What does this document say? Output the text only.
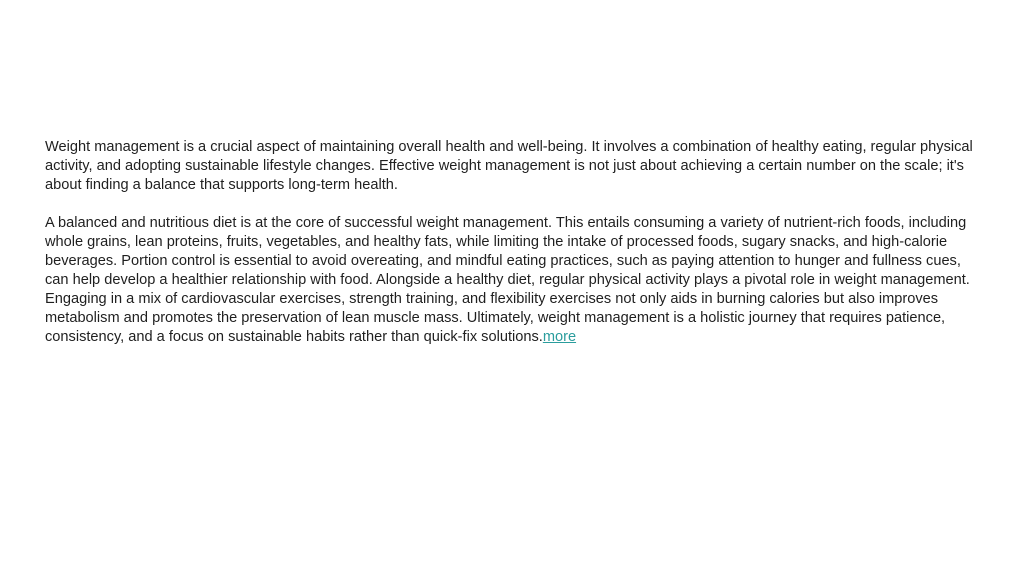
Weight management is a crucial aspect of maintaining overall health and well-being. It involves a combination of healthy eating, regular physical activity, and adopting sustainable lifestyle changes. Effective weight management is not just about achieving a certain number on the scale; it's about finding a balance that supports long-term health.

A balanced and nutritious diet is at the core of successful weight management. This entails consuming a variety of nutrient-rich foods, including whole grains, lean proteins, fruits, vegetables, and healthy fats, while limiting the intake of processed foods, sugary snacks, and high-calorie beverages. Portion control is essential to avoid overeating, and mindful eating practices, such as paying attention to hunger and fullness cues, can help develop a healthier relationship with food. Alongside a healthy diet, regular physical activity plays a pivotal role in weight management. Engaging in a mix of cardiovascular exercises, strength training, and flexibility exercises not only aids in burning calories but also improves metabolism and promotes the preservation of lean muscle mass. Ultimately, weight management is a holistic journey that requires patience, consistency, and a focus on sustainable habits rather than quick-fix solutions.more
